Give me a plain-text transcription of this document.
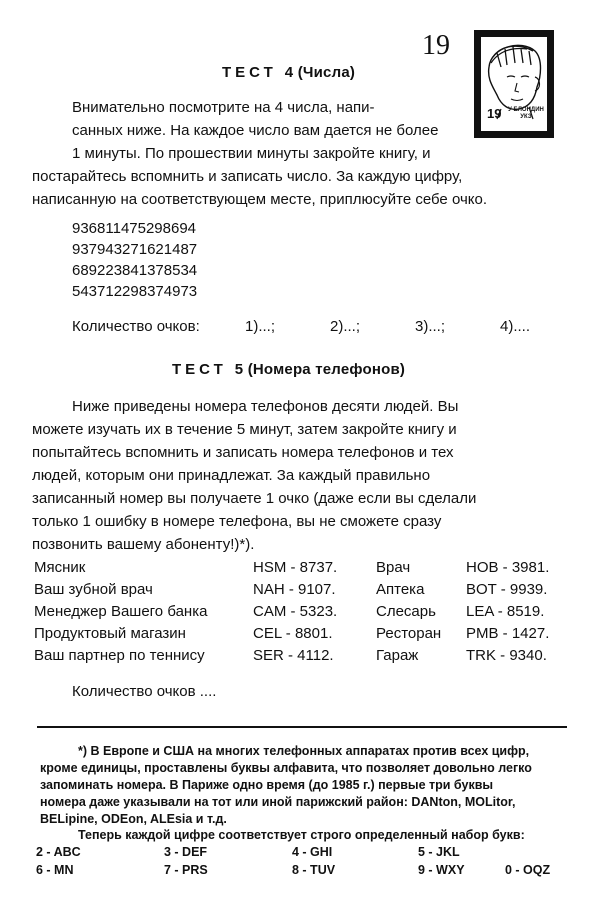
19
19 У БЛОНДИН
УКЗ
ТЕСТ 4 (Числа)

Внимательно посмотрите на 4 числа, напи-

санных ниже. На каждое число вам дается не более

1 минуты. По прошествии минуты закройте книгу, и

постарайтесь вспомнить и записать число. За каждую цифру,

написанную на соответствующем месте, приплюсуйте себе очко.

936811475298694
937943271621487
689223841378534
543712298374973
Количество очков:	1)...;	2)...;	3)...;	4)....
ТЕСТ 5 (Номера телефонов)

Ниже приведены номера телефонов десяти людей. Вы

можете изучать их в течение 5 минут, затем закройте книгу и

попытайтесь вспомнить и записать номера телефонов и тех

людей, которым они принадлежат. За каждый правильно

записанный номер вы получаете 1 очко (даже если вы сделали

только 1 ошибку в номере телефона, вы не сможете сразу

позвонить вашему абоненту!)*).

Мясник	HSM - 8737.	Врач	HOB - 3981.
Ваш зубной врач	NAH - 9107.	Аптека	BOT - 9939.
Менеджер Вашего банка	CAM - 5323.	Слесарь LEA - 8519.
Продуктовый магазин	CEL - 8801.	Ресторан PMB - 1427.
Ваш партнер по теннису	SER - 4112.	Гараж	TRK - 9340.
Количество очков ....
*) В Европе и США на многих телефонных аппаратах против всех цифр,
кроме единицы, проставлены буквы алфавита, что позволяет довольно легко
запоминать номера. В Париже одно время (до 1985 г.) первые три буквы
номера даже указывали на тот или иной парижский район: DANton, MOLitor,
BELipine, ODEon, ALEsia и т.д.
Теперь каждой цифре соответствует строго определенный набор букв:
2 - ABC	3 - DEF	4 - GHI	5 - JKL
6 - MN	7 - PRS	8 - TUV	9 - WXY	0 - OQZ
